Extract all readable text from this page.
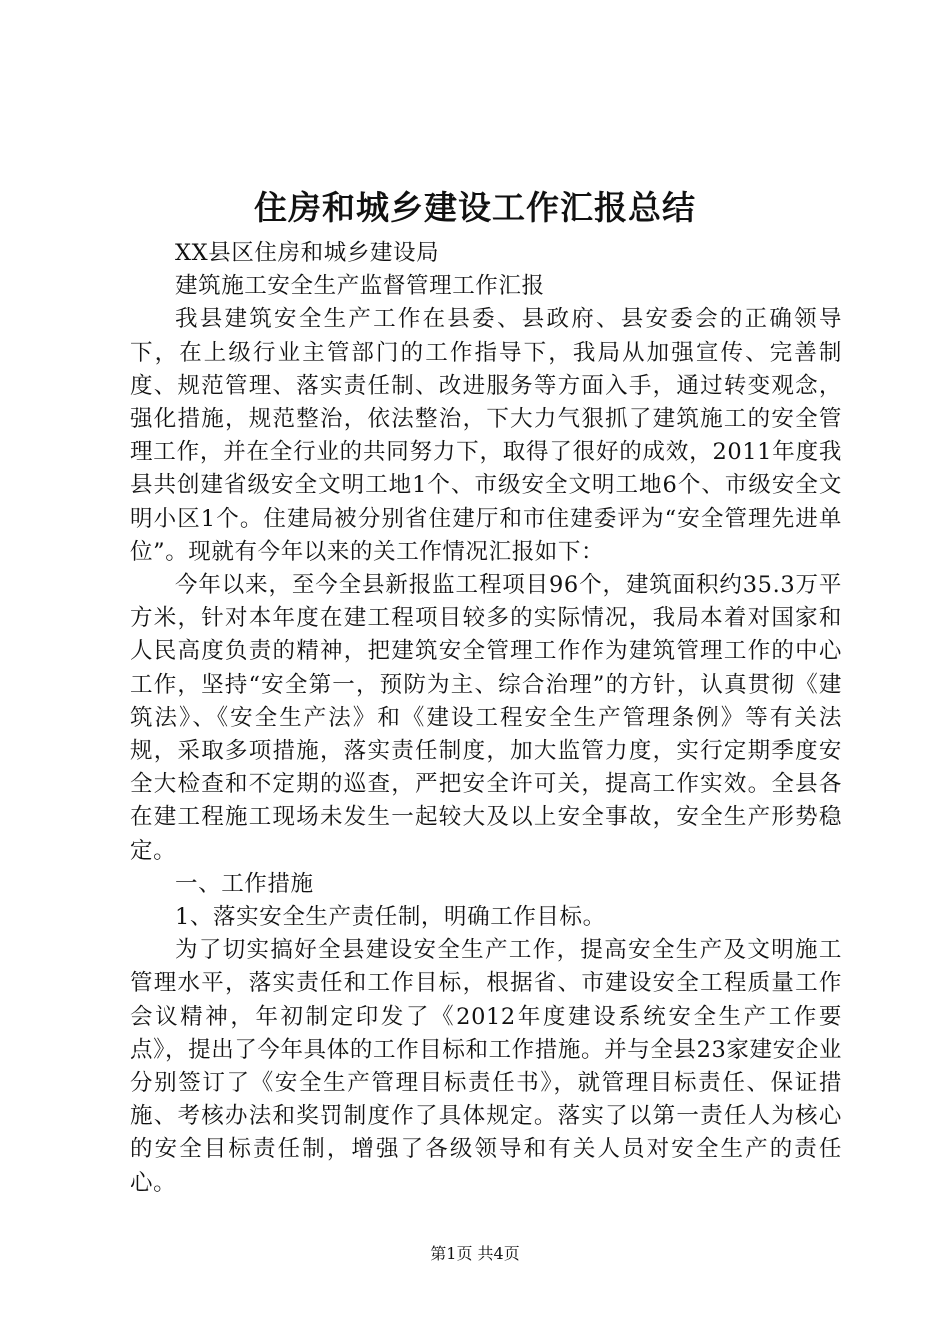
住房和城乡建设工作汇报总结

XX县区住房和城乡建设局

建筑施工安全生产监督管理工作汇报

我县建筑安全生产工作在县委、县政府、县安委会的正确领导下，在上级行业主管部门的工作指导下，我局从加强宣传、完善制度、规范管理、落实责任制、改进服务等方面入手，通过转变观念，强化措施，规范整治，依法整治，下大力气狠抓了建筑施工的安全管理工作，并在全行业的共同努力下，取得了很好的成效，2011年度我县共创建省级安全文明工地1个、市级安全文明工地6个、市级安全文明小区1个。住建局被分别省住建厅和市住建委评为“安全管理先进单位”。现就有今年以来的关工作情况汇报如下：

今年以来，至今全县新报监工程项目96个，建筑面积约35.3万平方米，针对本年度在建工程项目较多的实际情况，我局本着对国家和人民高度负责的精神，把建筑安全管理工作作为建筑管理工作的中心工作，坚持“安全第一，预防为主、综合治理”的方针，认真贯彻《建筑法》、《安全生产法》和《建设工程安全生产管理条例》等有关法规，采取多项措施，落实责任制度，加大监管力度，实行定期季度安全大检查和不定期的巡查，严把安全许可关，提高工作实效。全县各在建工程施工现场未发生一起较大及以上安全事故，安全生产形势稳定。

一、工作措施

1、落实安全生产责任制，明确工作目标。

为了切实搞好全县建设安全生产工作，提高安全生产及文明施工管理水平，落实责任和工作目标，根据省、市建设安全工程质量工作会议精神，年初制定印发了《2012年度建设系统安全生产工作要点》，提出了今年具体的工作目标和工作措施。并与全县23家建安企业分别签订了《安全生产管理目标责任书》，就管理目标责任、保证措施、考核办法和奖罚制度作了具体规定。落实了以第一责任人为核心的安全目标责任制，增强了各级领导和有关人员对安全生产的责任心。

第1页 共4页
